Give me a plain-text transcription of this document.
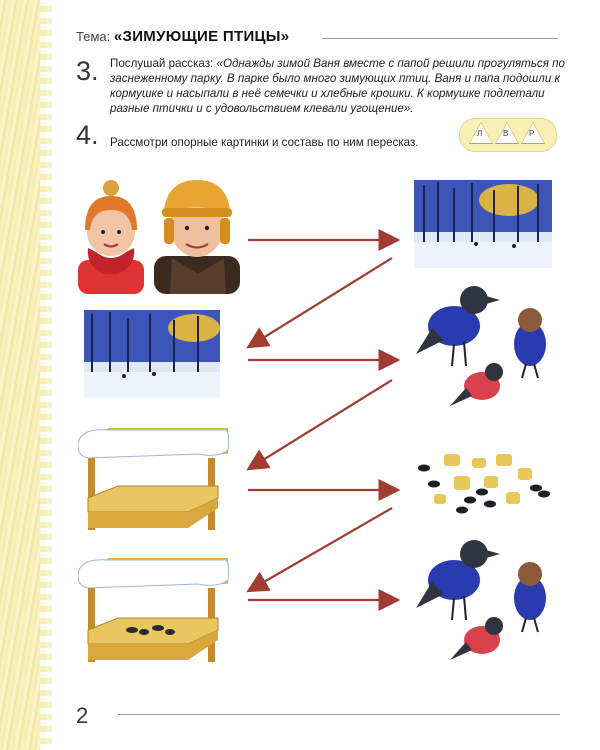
Тема: «ЗИМУЮЩИЕ ПТИЦЫ»
3. Послушай рассказ: «Однажды зимой Ваня вместе с папой решили прогуляться по заснеженному парку. В парке было много зимующих птиц. Ваня и папа подошли к кормушке и насыпали в неё семечки и хлебные крошки. К кормушке подлетали разные птички и с удовольствием клевали угощение».
4. Рассмотри опорные картинки и составь по ним пересказ.
Л	В	Р
2
